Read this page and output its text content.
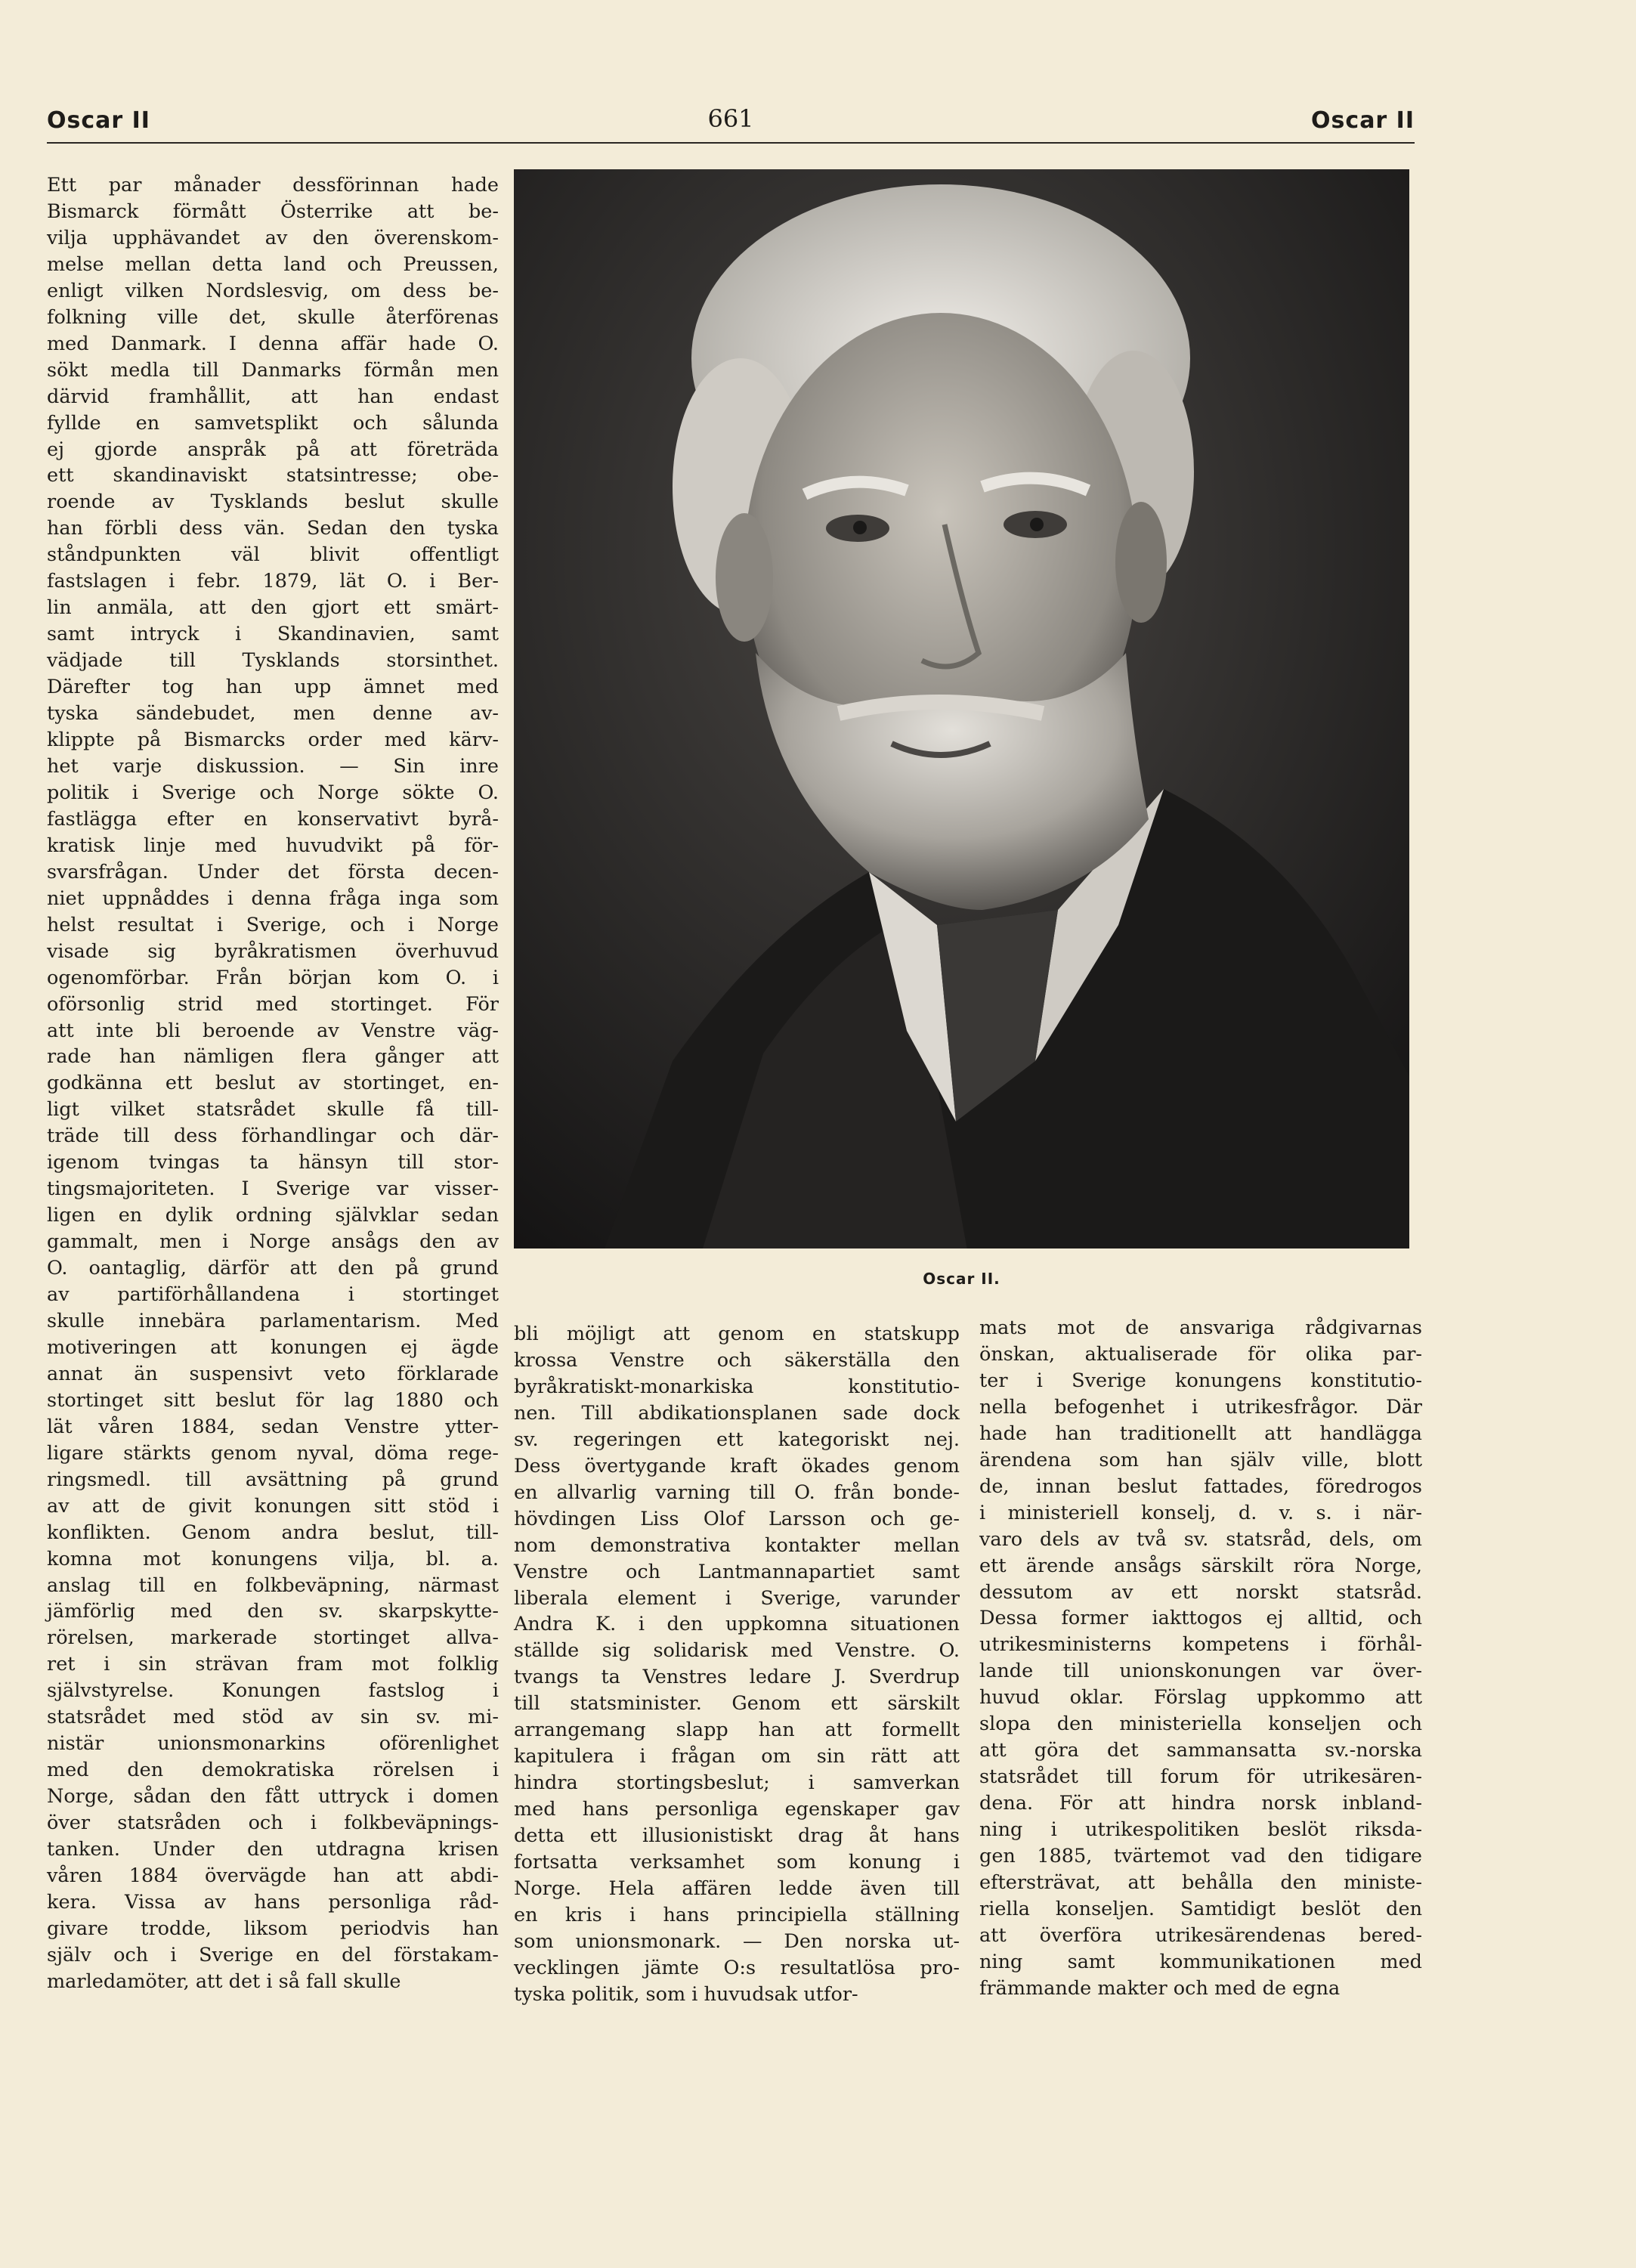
Oscar II	661	Oscar II
Ett par månader dessförinnan hade
Bismarck förmått Österrike att be-
vilja upphävandet av den överenskom-
melse mellan detta land och Preussen,
enligt vilken Nordslesvig, om dess be-
folkning ville det, skulle återförenas
med Danmark. I denna affär hade O.
sökt medla till Danmarks förmån men
därvid framhållit, att han endast
fyllde en samvetsplikt och sålunda
ej gjorde anspråk på att företräda
ett skandinaviskt statsintresse; obe-
roende av Tysklands beslut skulle
han förbli dess vän. Sedan den tyska
ståndpunkten väl blivit offentligt
fastslagen i febr. 1879, lät O. i Ber-
lin anmäla, att den gjort ett smärt-
samt intryck i Skandinavien, samt
vädjade till Tysklands storsinthet.
Därefter tog han upp ämnet med
tyska sändebudet, men denne av-
klippte på Bismarcks order med kärv-
het varje diskussion. — Sin inre
politik i Sverige och Norge sökte O.
fastlägga efter en konservativt byrå-
kratisk linje med huvudvikt på för-
svarsfrågan. Under det första decen-
niet uppnåddes i denna fråga inga som
helst resultat i Sverige, och i Norge
visade sig byråkratismen överhuvud
ogenomförbar. Från början kom O. i
oförsonlig strid med stortinget. För
att inte bli beroende av Venstre väg-
rade han nämligen flera gånger att
godkänna ett beslut av stortinget, en-
ligt vilket statsrådet skulle få till-
träde till dess förhandlingar och där-
igenom tvingas ta hänsyn till stor-
tingsmajoriteten. I Sverige var visser-
ligen en dylik ordning självklar sedan
gammalt, men i Norge ansågs den av
O. oantaglig, därför att den på grund
av partiförhållandena i stortinget
skulle innebära parlamentarism. Med
motiveringen att konungen ej ägde
annat än suspensivt veto förklarade
stortinget sitt beslut för lag 1880 och
lät våren 1884, sedan Venstre ytter-
ligare stärkts genom nyval, döma rege-
ringsmedl. till avsättning på grund
av att de givit konungen sitt stöd i
konflikten. Genom andra beslut, till-
komna mot konungens vilja, bl. a.
anslag till en folkbeväpning, närmast
jämförlig med den sv. skarpskytte-
rörelsen, markerade stortinget allva-
ret i sin strävan fram mot folklig
självstyrelse. Konungen fastslog i
statsrådet med stöd av sin sv. mi-
nistär unionsmonarkins oförenlighet
med den demokratiska rörelsen i
Norge, sådan den fått uttryck i domen
över statsråden och i folkbeväpnings-
tanken. Under den utdragna krisen
våren 1884 övervägde han att abdi-
kera. Vissa av hans personliga råd-
givare trodde, liksom periodvis han
själv och i Sverige en del förstakam-
marledamöter, att det i så fall skulle
Oscar II.
bli möjligt att genom en statskupp
krossa Venstre och säkerställa den
byråkratiskt-monarkiska konstitutio-
nen. Till abdikationsplanen sade dock
sv. regeringen ett kategoriskt nej.
Dess övertygande kraft ökades genom
en allvarlig varning till O. från bonde-
hövdingen Liss Olof Larsson och ge-
nom demonstrativa kontakter mellan
Venstre och Lantmannapartiet samt
liberala element i Sverige, varunder
Andra K. i den uppkomna situationen
ställde sig solidarisk med Venstre. O.
tvangs ta Venstres ledare J. Sverdrup
till statsminister. Genom ett särskilt
arrangemang slapp han att formellt
kapitulera i frågan om sin rätt att
hindra stortingsbeslut; i samverkan
med hans personliga egenskaper gav
detta ett illusionistiskt drag åt hans
fortsatta verksamhet som konung i
Norge. Hela affären ledde även till
en kris i hans principiella ställning
som unionsmonark. — Den norska ut-
vecklingen jämte O:s resultatlösa pro-
tyska politik, som i huvudsak utfor-
mats mot de ansvariga rådgivarnas
önskan, aktualiserade för olika par-
ter i Sverige konungens konstitutio-
nella befogenhet i utrikesfrågor. Där
hade han traditionellt att handlägga
ärendena som han själv ville, blott
de, innan beslut fattades, föredrogos
i ministeriell konselj, d. v. s. i när-
varo dels av två sv. statsråd, dels, om
ett ärende ansågs särskilt röra Norge,
dessutom av ett norskt statsråd.
Dessa former iakttogos ej alltid, och
utrikesministerns kompetens i förhål-
lande till unionskonungen var över-
huvud oklar. Förslag uppkommo att
slopa den ministeriella konseljen och
att göra det sammansatta sv.-norska
statsrådet till forum för utrikesären-
dena. För att hindra norsk inbland-
ning i utrikespolitiken beslöt riksda-
gen 1885, tvärtemot vad den tidigare
eftersträvat, att behålla den ministe-
riella konseljen. Samtidigt beslöt den
att överföra utrikesärendenas bered-
ning samt kommunikationen med
främmande makter och med de egna
